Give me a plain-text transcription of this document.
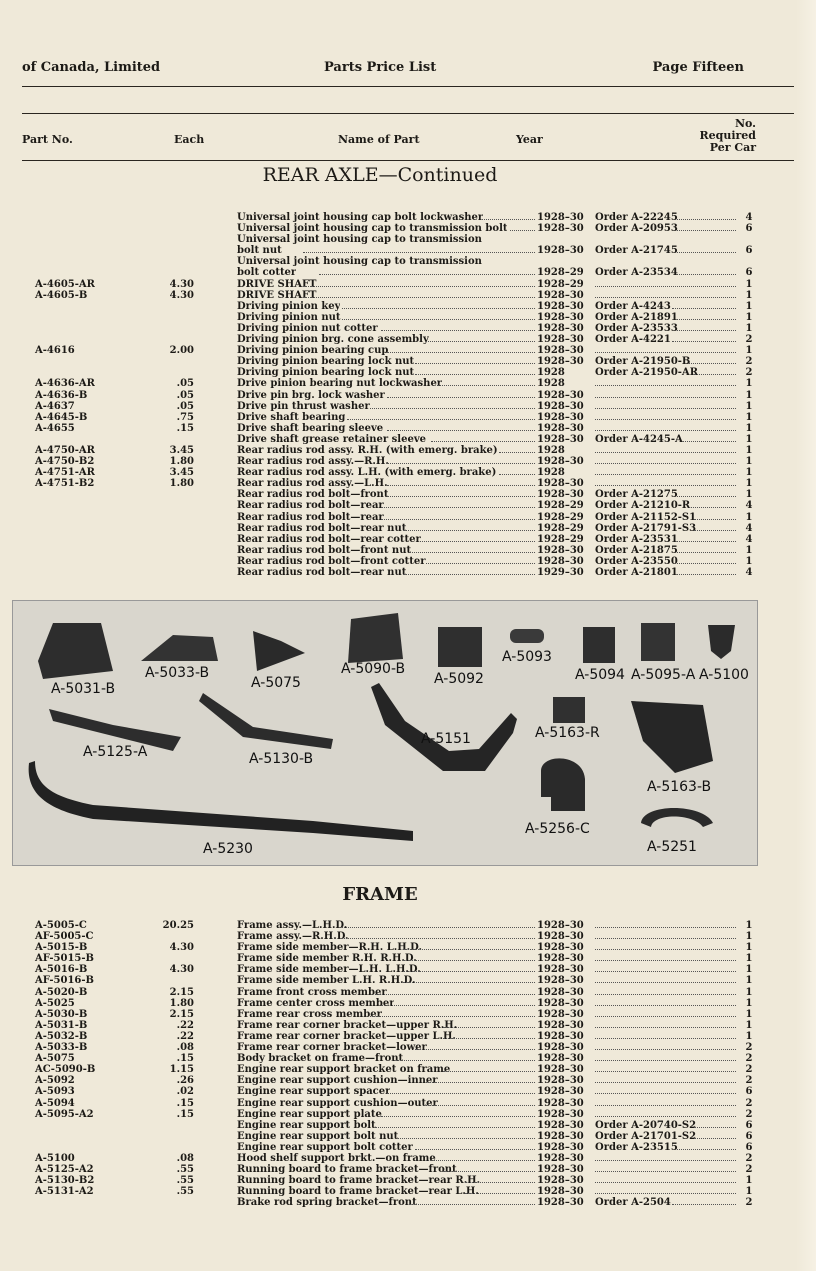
of Canada, Limited	Parts Price List	Page Fifteen
Part No.	Each	Name of Part	Year
No.
Required
Per Car
REAR AXLE—Continued
Universal joint housing cap bolt lockwasher	1928–30 Order A-22245	4
Universal joint housing cap to transmission bolt	1928–30 Order A-20953	6
Universal joint housing cap to transmission
bolt nut	1928–30 Order A-21745	6
Universal joint housing cap to transmission
bolt cotter	1928–29 Order A-23534	6
A-4605-AR	4.30	DRIVE SHAFT	1928–29	1
A-4605-B	4.30	DRIVE SHAFT	1928–30	1
Driving pinion key	1928–30 Order A-4243	1
Driving pinion nut	1928–30 Order A-21891	1
Driving pinion nut cotter	1928–30 Order A-23533	1
Driving pinion brg. cone assembly	1928–30 Order A-4221	2
A-4616	2.00	Driving pinion bearing cup	1928–30	1
Driving pinion bearing lock nut	1928–30 Order A-21950-B	2
Driving pinion bearing lock nut	1928	Order A-21950-AR	2
A-4636-AR	.05	Drive pinion bearing nut lockwasher	1928	1
A-4636-B	.05	Drive pin brg. lock washer	1928–30	1
A-4637	.05	Drive pin thrust washer	1928–30	1
A-4645-B	.75	Drive shaft bearing	1928–30	1
A-4655	.15	Drive shaft bearing sleeve	1928–30	1
Drive shaft grease retainer sleeve	1928–30 Order A-4245-A	1
A-4750-AR	3.45	Rear radius rod assy. R.H. (with emerg. brake)	1928	1
A-4750-B2	1.80	Rear radius rod assy.—R.H.	1928–30	1
A-4751-AR	3.45	Rear radius rod assy. L.H. (with emerg. brake)	1928	1
A-4751-B2	1.80	Rear radius rod assy.—L.H.	1928–30	1
Rear radius rod bolt—front	1928–30 Order A-21275	1
Rear radius rod bolt—rear	1928–29 Order A-21210-R	4
Rear radius rod bolt—rear	1928–29 Order A-21152-S1	1
Rear radius rod bolt—rear nut	1928–29 Order A-21791-S3	4
Rear radius rod bolt—rear cotter	1928–29 Order A-23531	4
Rear radius rod bolt—front nut	1928–30 Order A-21875	1
Rear radius rod bolt—front cotter	1928–30 Order A-23550	1
Rear radius rod bolt—rear nut	1929–30 Order A-21801	4
A-5031-B
A-5033-B
A-5075
A-5090-B
A-5092
A-5093
A-5094 A-5095-A A-5100
A-5125-A	A-5130-B
A-5151	A-5163-R
A-5163-B
A-5256-C
A-5230	A-5251
FRAME
A-5005-C	20.25	Frame assy.—L.H.D.	1928–30	1
AF-5005-C	Frame assy.—R.H.D.	1928–30	1
A-5015-B	4.30	Frame side member—R.H. L.H.D.	1928–30	1
AF-5015-B	Frame side member R.H. R.H.D.	1928–30	1
A-5016-B	4.30	Frame side member—L.H. L.H.D.	1928–30	1
AF-5016-B	Frame side member L.H. R.H.D.	1928–30	1
A-5020-B	2.15	Frame front cross member	1928–30	1
A-5025	1.80	Frame center cross member	1928–30	1
A-5030-B	2.15	Frame rear cross member	1928–30	1
A-5031-B	.22	Frame rear corner bracket—upper R.H.	1928–30	1
A-5032-B	.22	Frame rear corner bracket—upper L.H.	1928–30	1
A-5033-B	.08	Frame rear corner bracket—lower	1928–30	2
A-5075	.15	Body bracket on frame—front	1928–30	2
AC-5090-B	1.15	Engine rear support bracket on frame	1928–30	2
A-5092	.26	Engine rear support cushion—inner	1928–30	2
A-5093	.02	Engine rear support spacer	1928–30	6
A-5094	.15	Engine rear support cushion—outer	1928–30	2
A-5095-A2	.15	Engine rear support plate	1928–30	2
Engine rear support bolt	1928–30 Order A-20740-S2	6
Engine rear support bolt nut	1928–30 Order A-21701-S2	6
Engine rear support bolt cotter	1928–30 Order A-23515	6
A-5100	.08	Hood shelf support brkt.—on frame	1928–30	2
A-5125-A2	.55	Running board to frame bracket—front	1928–30	2
A-5130-B2	.55	Running board to frame bracket—rear R.H.	1928–30	1
A-5131-A2	.55	Running board to frame bracket—rear L.H.	1928–30	1
Brake rod spring bracket—front	1928–30 Order A-2504	2
